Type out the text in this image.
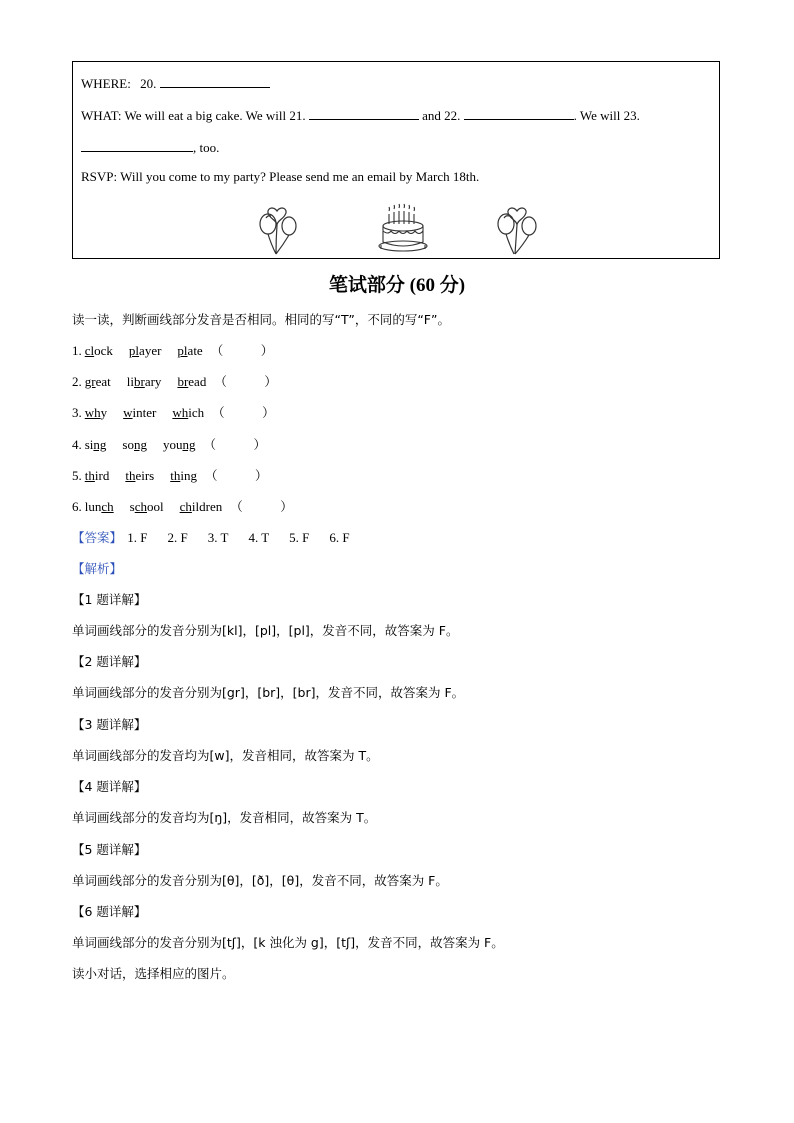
WHERE: 20.
WHAT: We will eat a big cake. We will 21.	and 22.	. We will 23.
, too.
RSVP: Will you come to my party? Please send me an email by March 18th.
笔试部分 (60 分)
读一读，判断画线部分发音是否相同。相同的写“T”，不同的写“F”。
1. clock player plate （　　　）
2. great library bread （　　　）
3. why winter which （　　　）
4. sing song young （　　　）
5. third theirs thing （　　　）
6. lunch school children （　　　）
【答案】 1. F 2. F 3. T 4. T 5. F 6. F
【解析】
【1 题详解】
单词画线部分的发音分别为[kl]，[pl]，[pl]，发音不同，故答案为 F。
【2 题详解】
单词画线部分的发音分别为[gr]，[br]，[br]，发音不同，故答案为 F。
【3 题详解】
单词画线部分的发音均为[w]，发音相同，故答案为 T。
【4 题详解】
单词画线部分的发音均为[ŋ]，发音相同，故答案为 T。
【5 题详解】
单词画线部分的发音分别为[θ]，[ð]，[θ]，发音不同，故答案为 F。
【6 题详解】
单词画线部分的发音分别为[tʃ]，[k 浊化为 g]，[tʃ]，发音不同，故答案为 F。
读小对话，选择相应的图片。
